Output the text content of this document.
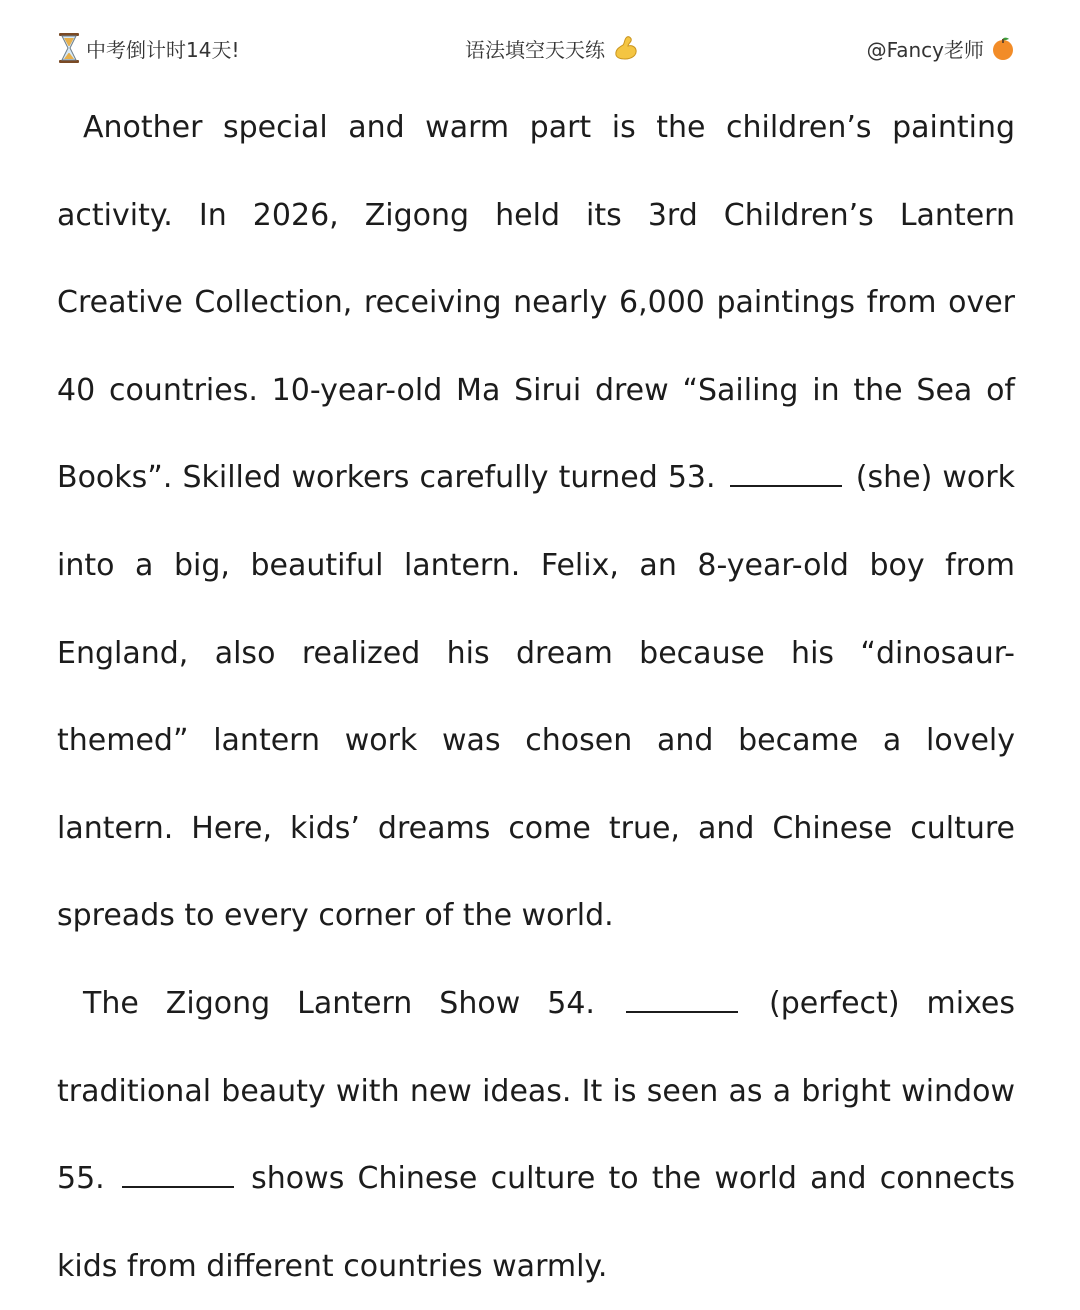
中考倒计时14天!	语法填空天天练	@Fancy老师

Another special and warm part is the children’s painting activity. In 2026, Zigong held its 3rd Children’s Lantern Creative Collection, receiving nearly 6,000 paintings from over 40 countries. 10-year-old Ma Sirui drew “Sailing in the Sea of Books”. Skilled workers carefully turned 53.	(she) work into a big, beautiful lantern. Felix, an 8-year-old boy from England, also realized his dream because his “dinosaur-themed” lantern work was chosen and became a lovely lantern. Here, kids’ dreams come true, and Chinese culture spreads to every corner of the world.

The Zigong Lantern Show 54.	(perfect) mixes traditional beauty with new ideas. It is seen as a bright window 55.	shows Chinese culture to the world and connects kids from different countries warmly.
